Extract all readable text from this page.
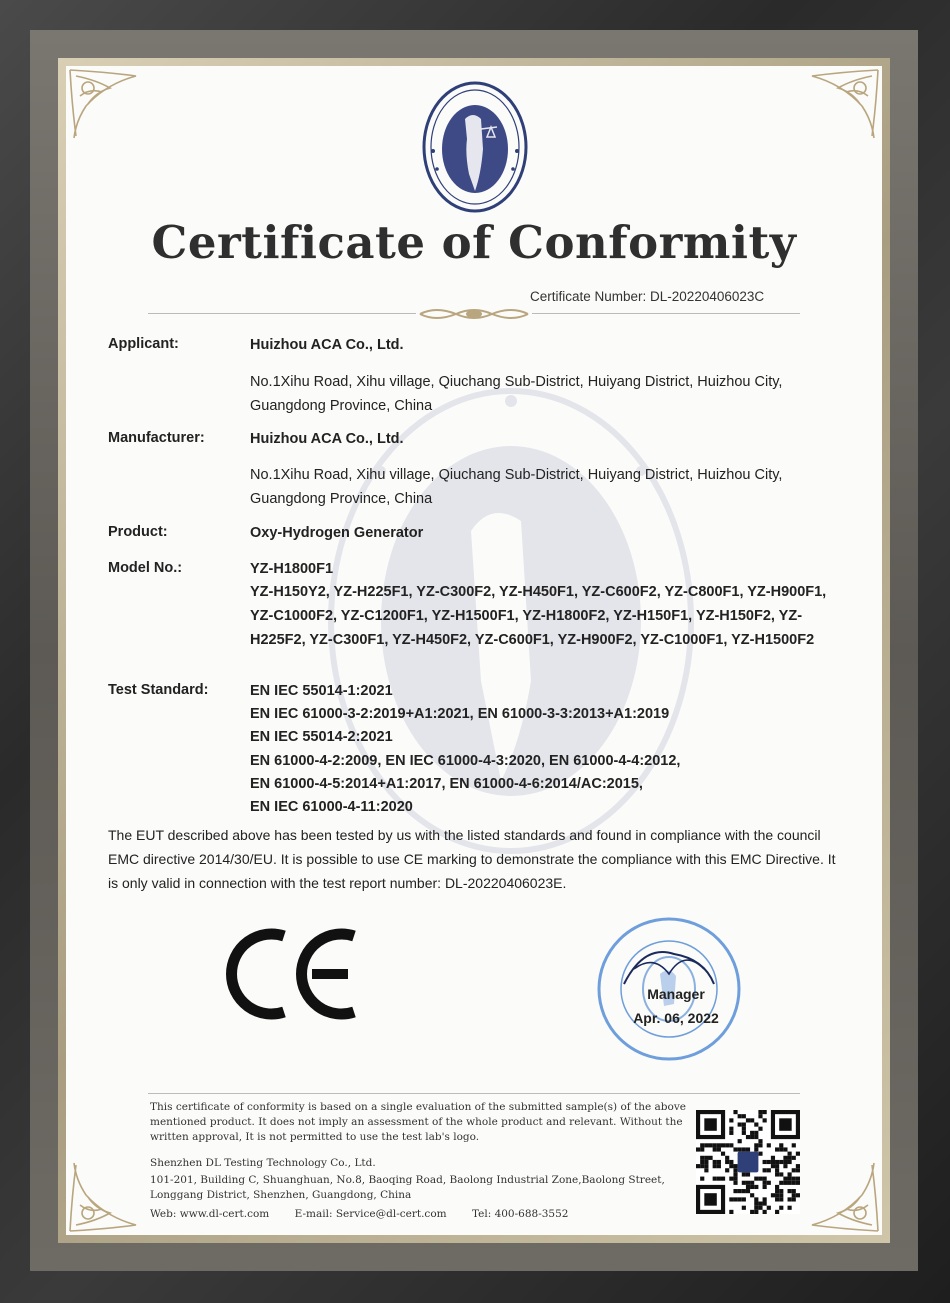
Certificate of Conformity
Certificate Number: DL-20220406023C
Applicant:	Huizhou ACA Co., Ltd.
No.1Xihu Road, Xihu village, Qiuchang Sub-District, Huiyang District, Huizhou City, Guangdong Province, China
Manufacturer:	Huizhou ACA Co., Ltd.
No.1Xihu Road, Xihu village, Qiuchang Sub-District, Huiyang District, Huizhou City, Guangdong Province, China
Product:	Oxy-Hydrogen Generator
Model No.:	YZ-H1800F1
YZ-H150Y2, YZ-H225F1, YZ-C300F2, YZ-H450F1, YZ-C600F2, YZ-C800F1, YZ-H900F1, YZ-C1000F2, YZ-C1200F1, YZ-H1500F1, YZ-H1800F2, YZ-H150F1, YZ-H150F2, YZ-H225F2, YZ-C300F1, YZ-H450F2, YZ-C600F1, YZ-H900F2, YZ-C1000F1, YZ-H1500F2
Test Standard:	EN IEC 55014-1:2021
EN IEC 61000-3-2:2019+A1:2021, EN 61000-3-3:2013+A1:2019
EN IEC 55014-2:2021
EN 61000-4-2:2009, EN IEC 61000-4-3:2020, EN 61000-4-4:2012,
EN 61000-4-5:2014+A1:2017, EN 61000-4-6:2014/AC:2015,
EN IEC 61000-4-11:2020
The EUT described above has been tested by us with the listed standards and found in compliance with the council EMC directive 2014/30/EU. It is possible to use CE marking to demonstrate the compliance with this EMC Directive. It is only valid in connection with the test report number: DL-20220406023E.
Manager
Apr. 06, 2022
This certificate of conformity is based on a single evaluation of the submitted sample(s) of the above mentioned product. It does not imply an assessment of the whole product and relevant. Without the written approval, It is not permitted to use the test lab's logo.
Shenzhen DL Testing Technology Co., Ltd.
101-201, Building C, Shuanghuan, No.8, Baoqing Road, Baolong Industrial Zone,Baolong Street, Longgang District, Shenzhen, Guangdong, China
Web: www.dl-cert.com E-mail: Service@dl-cert.com Tel: 400-688-3552
